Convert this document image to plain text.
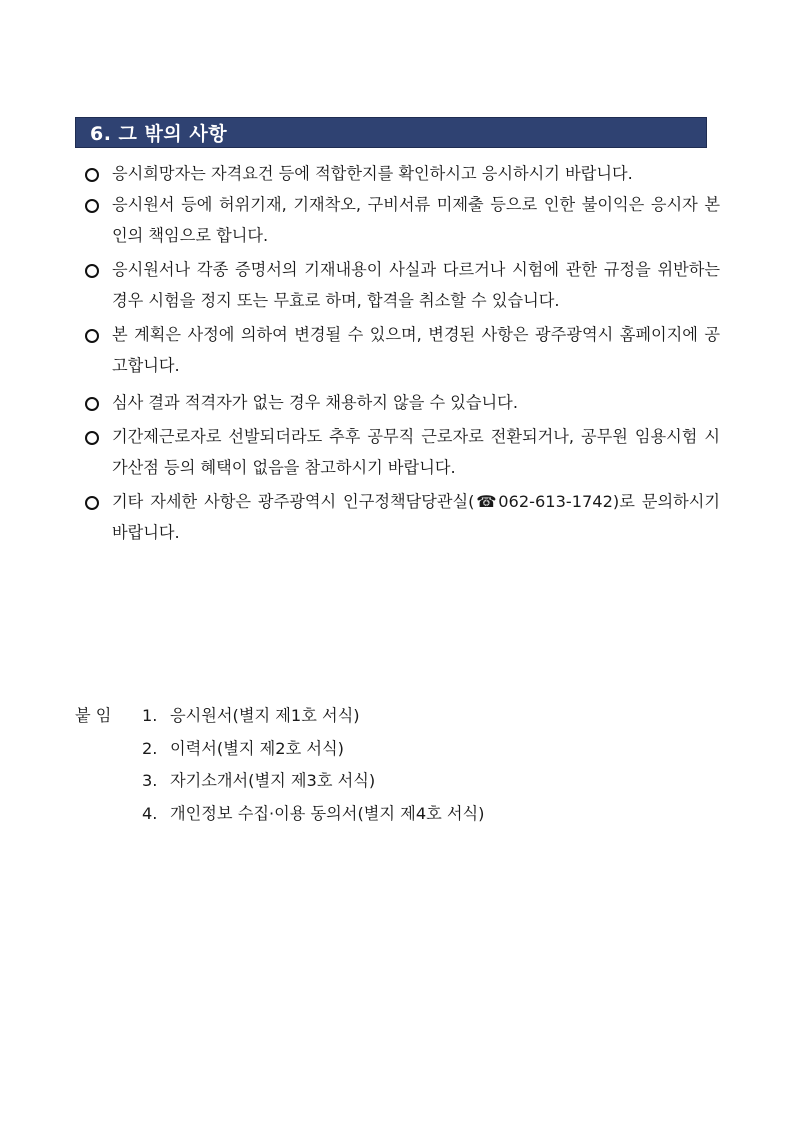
6. 그 밖의 사항
응시희망자는 자격요건 등에 적합한지를 확인하시고 응시하시기 바랍니다.
응시원서 등에 허위기재, 기재착오, 구비서류 미제출 등으로 인한 불이익은 응시자 본인의 책임으로 합니다.
응시원서나 각종 증명서의 기재내용이 사실과 다르거나 시험에 관한 규정을 위반하는 경우 시험을 정지 또는 무효로 하며, 합격을 취소할 수 있습니다.
본 계획은 사정에 의하여 변경될 수 있으며, 변경된 사항은 광주광역시 홈페이지에 공고합니다.
심사 결과 적격자가 없는 경우 채용하지 않을 수 있습니다.
기간제근로자로 선발되더라도 추후 공무직 근로자로 전환되거나, 공무원 임용시험 시 가산점 등의 혜택이 없음을 참고하시기 바랍니다.
기타 자세한 사항은 광주광역시 인구정책담당관실(☎062-613-1742)로 문의하시기 바랍니다.
붙 임	1. 응시원서(별지 제1호 서식)
2. 이력서(별지 제2호 서식)
3. 자기소개서(별지 제3호 서식)
4. 개인정보 수집·이용 동의서(별지 제4호 서식)
